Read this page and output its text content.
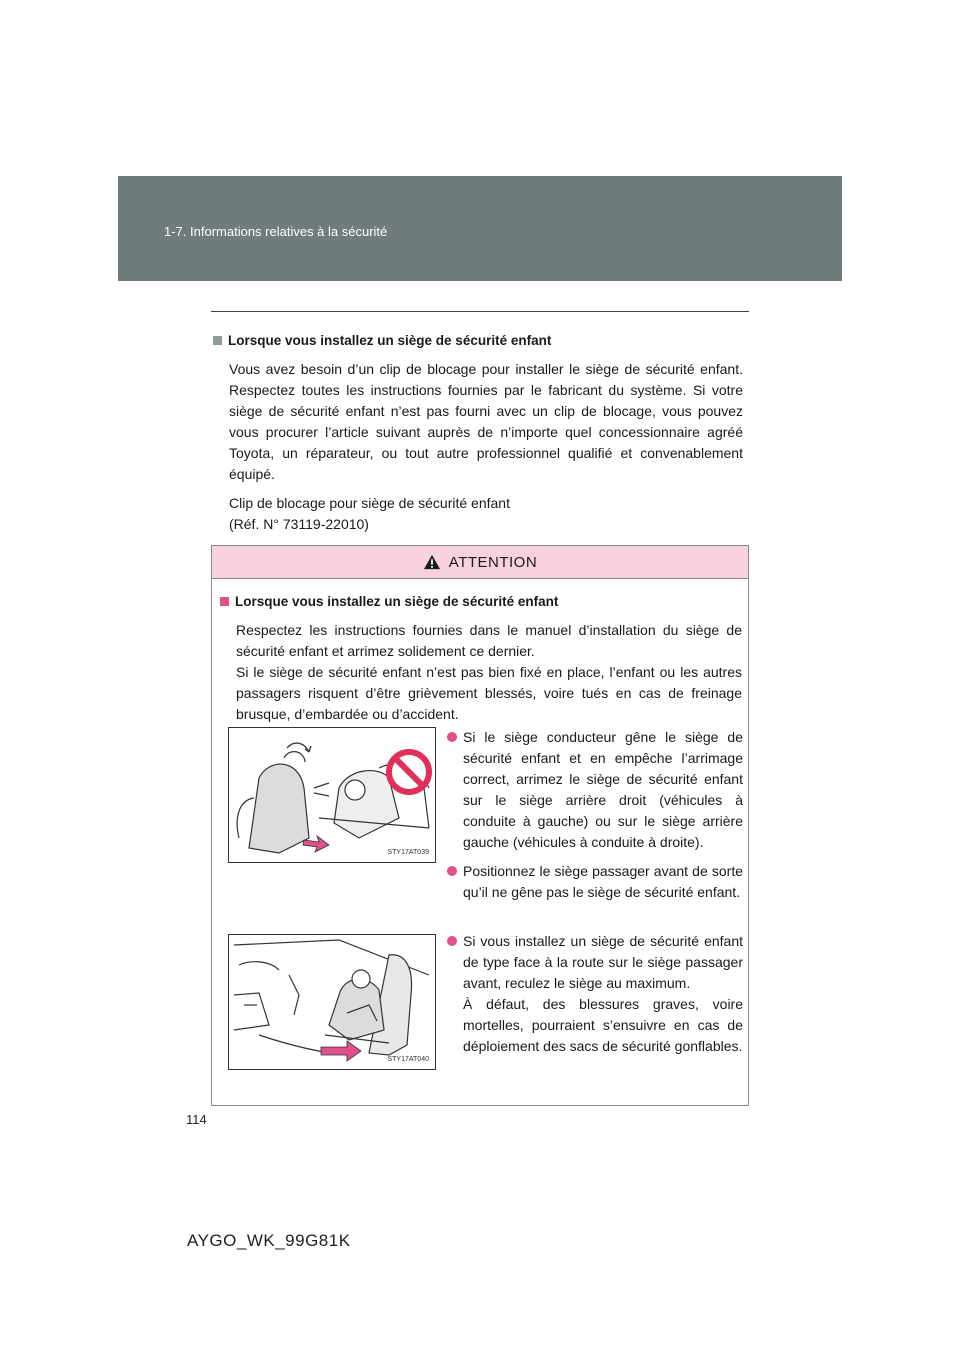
1-7. Informations relatives à la sécurité
Lorsque vous installez un siège de sécurité enfant

Vous avez besoin d’un clip de blocage pour installer le siège de sécurité enfant. Respectez toutes les instructions fournies par le fabricant du système. Si votre siège de sécurité enfant n’est pas fourni avec un clip de blocage, vous pouvez vous procurer l’article suivant auprès de n’importe quel concessionnaire agréé Toyota, un réparateur, ou tout autre professionnel qualifié et convenablement équipé.

Clip de blocage pour siège de sécurité enfant
(Réf. N° 73119-22010)
ATTENTION
Lorsque vous installez un siège de sécurité enfant
Respectez les instructions fournies dans le manuel d’installation du siège de sécurité enfant et arrimez solidement ce dernier.
Si le siège de sécurité enfant n’est pas bien fixé en place, l’enfant ou les autres passagers risquent d’être grièvement blessés, voire tués en cas de freinage brusque, d’embardée ou d’accident.
STY17AT039
STY17AT040
Si le siège conducteur gêne le siège de sécurité enfant et en empêche l’arrimage correct, arrimez le siège de sécurité enfant sur le siège arrière droit (véhicules à conduite à gauche) ou sur le siège arrière gauche (véhicules à conduite à droite).
Positionnez le siège passager avant de sorte qu’il ne gêne pas le siège de sécurité enfant.
Si vous installez un siège de sécurité enfant de type face à la route sur le siège passager avant, reculez le siège au maximum.
À défaut, des blessures graves, voire mortelles, pourraient s’ensuivre en cas de déploiement des sacs de sécurité gonflables.
114
AYGO_WK_99G81K
